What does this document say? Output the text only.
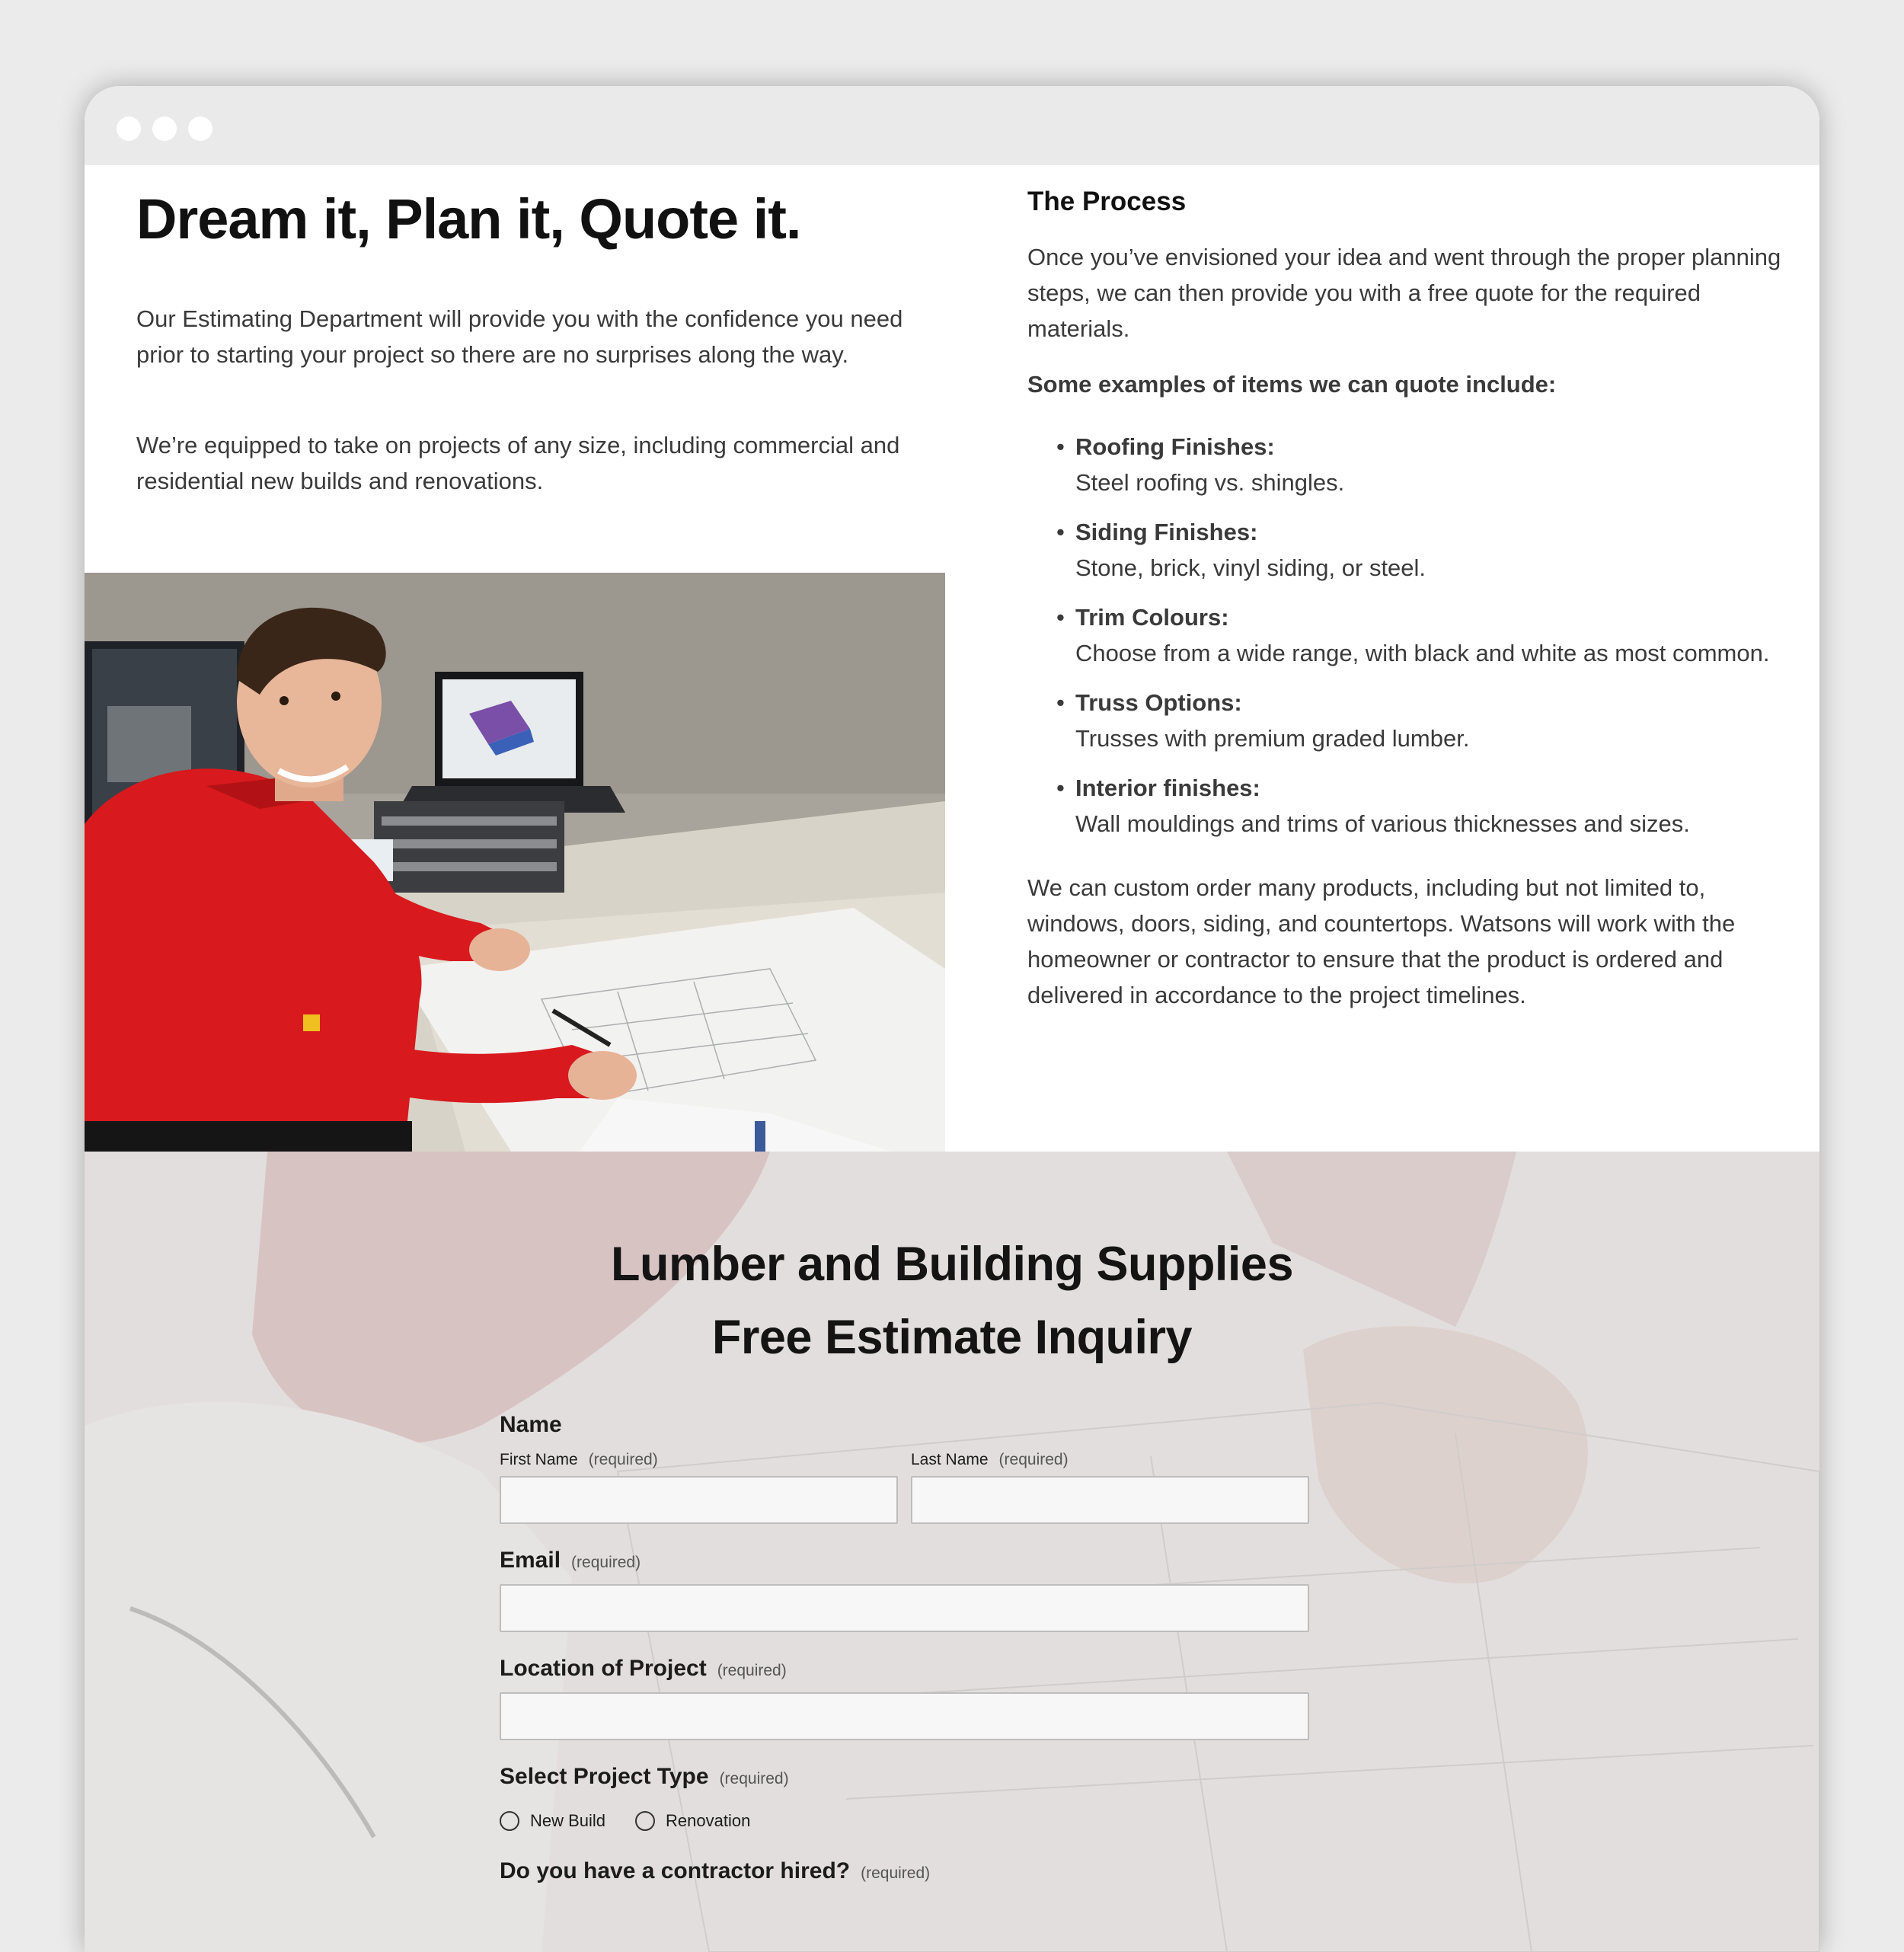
Dream it, Plan it, Quote it.

Our Estimating Department will provide you with the confidence you need prior to starting your project so there are no surprises along the way.

We’re equipped to take on projects of any size, including commercial and residential new builds and renovations.

The Process

Once you’ve envisioned your idea and went through the proper planning steps, we can then provide you with a free quote for the required materials.

Some examples of items we can quote include:

• Roofing Finishes:
Steel roofing vs. shingles.
• Siding Finishes:
Stone, brick, vinyl siding, or steel.
• Trim Colours:
Choose from a wide range, with black and white as most common.
• Truss Options:
Trusses with premium graded lumber.
• Interior finishes:
Wall mouldings and trims of various thicknesses and sizes.

We can custom order many products, including but not limited to, windows, doors, siding, and countertops. Watsons will work with the homeowner or contractor to ensure that the product is ordered and delivered in accordance to the project timelines.

Lumber and Building Supplies
Free Estimate Inquiry
Name
First Name (required)	Last Name (required)
Email (required)
Location of Project (required)
Select Project Type (required)
New Build	Renovation
Do you have a contractor hired? (required)
